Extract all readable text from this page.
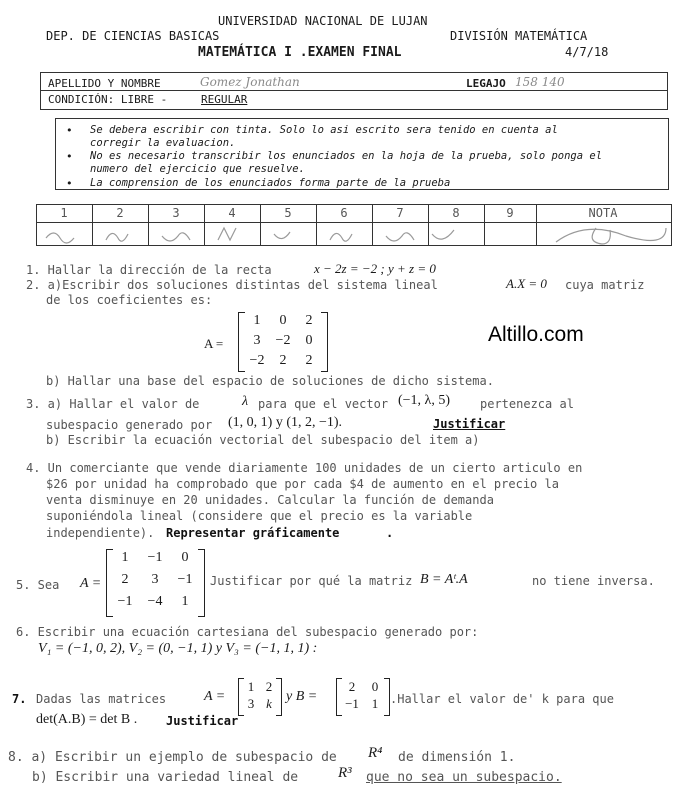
UNIVERSIDAD NACIONAL DE LUJAN
DEP. DE CIENCIAS BASICAS	DIVISIÓN MATEMÁTICA
MATEMÁTICA I .EXAMEN FINAL	4/7/18
APELLIDO Y NOMBRE	Gomez Jonathan	LEGAJO 158 140
CONDICIÓN: LIBRE -	REGULAR
• Se debera escribir con tinta. Solo lo asi escrito sera tenido en cuenta al
corregir la evaluacion.
• No es necesario transcribir los enunciados en la hoja de la prueba, solo ponga el
numero del ejercicio que resuelve.
• La comprension de los enunciados forma parte de la prueba
1	2	3	4	5	6	7	8	9	NOTA
Altillo.com
1. Hallar la dirección de la recta	x − 2z = −2 ; y + z = 0
2. a)Escribir dos soluciones distintas del sistema lineal	A.X = 0 cuya matriz
de los coeficientes es:
A =
1	0	2
3	−2	0
−2	2	2
b) Hallar una base del espacio de soluciones de dicho sistema.
3. a) Hallar el valor de	λ para que el vector (−1, λ, 5) pertenezca al
subespacio generado por (1, 0, 1) y (1, 2, −1).	Justificar
b) Escribir la ecuación vectorial del subespacio del item a)
4. Un comerciante que vende diariamente 100 unidades de un cierto articulo en
$26 por unidad ha comprobado que por cada $4 de aumento en el precio la
venta disminuye en 20 unidades. Calcular la función de demanda
suponiéndola lineal (considere que el precio es la variable
independiente). Representar gráficamente	.
5. Sea A =
1	−1	0
2	3	−1
−1	−4	1
Justificar por qué la matriz B = Aᵗ.A	no tiene inversa.
6. Escribir una ecuación cartesiana del subespacio generado por:
V₁ = (−1, 0, 2), V₂ = (0, −1, 1) y V₃ = (−1, 1, 1) :
7. Dadas las matrices	A =
1 2
3 k	y B =
2	0
−1 1 .Hallar el valor de' k para que
det(A.B) = det B . Justificar
8. a) Escribir un ejemplo de subespacio de R⁴ de dimensión 1.
b) Escribir una variedad lineal de	R³ que no sea un subespacio.
